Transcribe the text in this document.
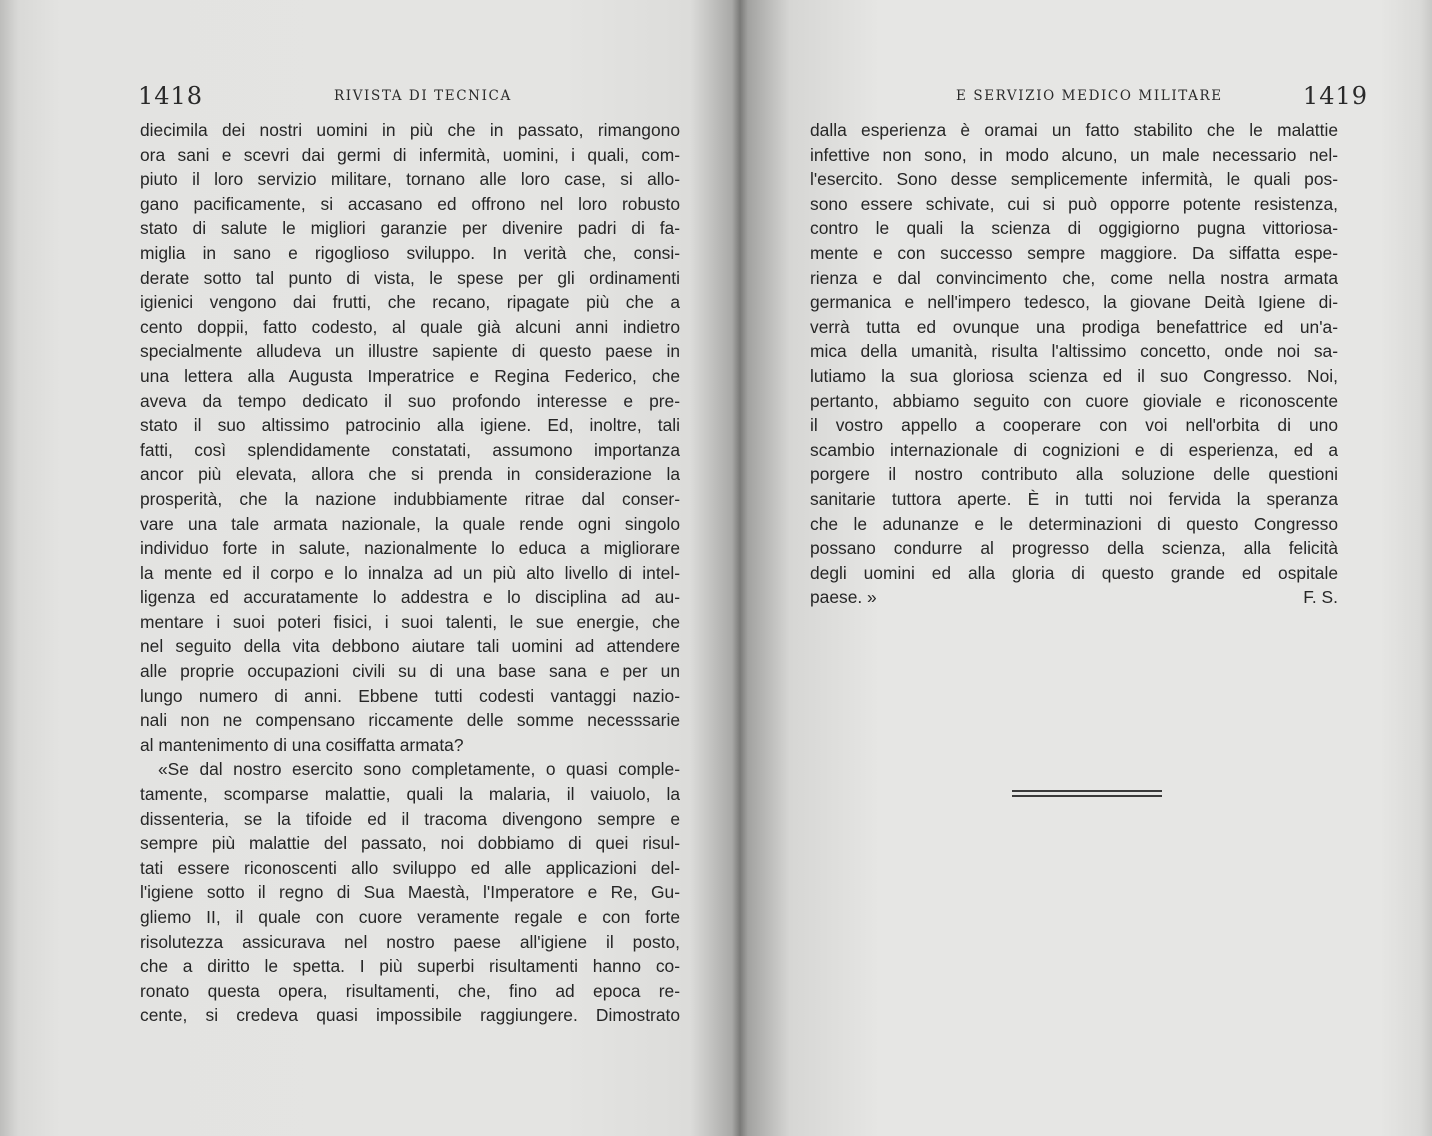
1418	RIVISTA DI TECNICA
diecimila dei nostri uomini in più che in passato, rimangono
ora sani e scevri dai germi di infermità, uomini, i quali, com-
piuto il loro servizio militare, tornano alle loro case, si allo-
gano pacificamente, si accasano ed offrono nel loro robusto
stato di salute le migliori garanzie per divenire padri di fa-
miglia in sano e rigoglioso sviluppo. In verità che, consi-
derate sotto tal punto di vista, le spese per gli ordinamenti
igienici vengono dai frutti, che recano, ripagate più che a
cento doppii, fatto codesto, al quale già alcuni anni indietro
specialmente alludeva un illustre sapiente di questo paese in
una lettera alla Augusta Imperatrice e Regina Federico, che
aveva da tempo dedicato il suo profondo interesse e pre-
stato il suo altissimo patrocinio alla igiene. Ed, inoltre, tali
fatti, così splendidamente constatati, assumono importanza
ancor più elevata, allora che si prenda in considerazione la
prosperità, che la nazione indubbiamente ritrae dal conser-
vare una tale armata nazionale, la quale rende ogni singolo
individuo forte in salute, nazionalmente lo educa a migliorare
la mente ed il corpo e lo innalza ad un più alto livello di intel-
ligenza ed accuratamente lo addestra e lo disciplina ad au-
mentare i suoi poteri fisici, i suoi talenti, le sue energie, che
nel seguito della vita debbono aiutare tali uomini ad attendere
alle proprie occupazioni civili su di una base sana e per un
lungo numero di anni. Ebbene tutti codesti vantaggi nazio-
nali non ne compensano riccamente delle somme necesssarie
al mantenimento di una cosiffatta armata?
«Se dal nostro esercito sono completamente, o quasi comple-
tamente, scomparse malattie, quali la malaria, il vaiuolo, la
dissenteria, se la tifoide ed il tracoma divengono sempre e
sempre più malattie del passato, noi dobbiamo di quei risul-
tati essere riconoscenti allo sviluppo ed alle applicazioni del-
l'igiene sotto il regno di Sua Maestà, l'Imperatore e Re, Gu-
gliemo II, il quale con cuore veramente regale e con forte
risolutezza assicurava nel nostro paese all'igiene il posto,
che a diritto le spetta. I più superbi risultamenti hanno co-
ronato questa opera, risultamenti, che, fino ad epoca re-
cente, si credeva quasi impossibile raggiungere. Dimostrato
E SERVIZIO MEDICO MILITARE	1419
dalla esperienza è oramai un fatto stabilito che le malattie
infettive non sono, in modo alcuno, un male necessario nel-
l'esercito. Sono desse semplicemente infermità, le quali pos-
sono essere schivate, cui si può opporre potente resistenza,
contro le quali la scienza di oggigiorno pugna vittoriosa-
mente e con successo sempre maggiore. Da siffatta espe-
rienza e dal convincimento che, come nella nostra armata
germanica e nell'impero tedesco, la giovane Deità Igiene di-
verrà tutta ed ovunque una prodiga benefattrice ed un'a-
mica della umanità, risulta l'altissimo concetto, onde noi sa-
lutiamo la sua gloriosa scienza ed il suo Congresso. Noi,
pertanto, abbiamo seguito con cuore gioviale e riconoscente
il vostro appello a cooperare con voi nell'orbita di uno
scambio internazionale di cognizioni e di esperienza, ed a
porgere il nostro contributo alla soluzione delle questioni
sanitarie tuttora aperte. È in tutti noi fervida la speranza
che le adunanze e le determinazioni di questo Congresso
possano condurre al progresso della scienza, alla felicità
degli uomini ed alla gloria di questo grande ed ospitale
paese. »	F. S.
